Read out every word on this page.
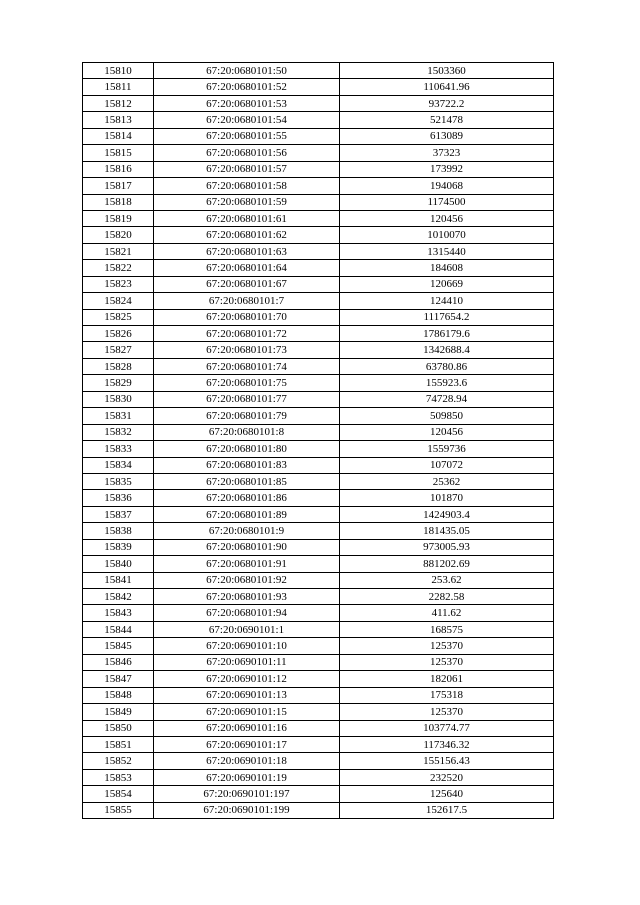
15810	67:20:0680101:50	1503360
15811	67:20:0680101:52	110641.96
15812	67:20:0680101:53	93722.2
15813	67:20:0680101:54	521478
15814	67:20:0680101:55	613089
15815	67:20:0680101:56	37323
15816	67:20:0680101:57	173992
15817	67:20:0680101:58	194068
15818	67:20:0680101:59	1174500
15819	67:20:0680101:61	120456
15820	67:20:0680101:62	1010070
15821	67:20:0680101:63	1315440
15822	67:20:0680101:64	184608
15823	67:20:0680101:67	120669
15824	67:20:0680101:7	124410
15825	67:20:0680101:70	1117654.2
15826	67:20:0680101:72	1786179.6
15827	67:20:0680101:73	1342688.4
15828	67:20:0680101:74	63780.86
15829	67:20:0680101:75	155923.6
15830	67:20:0680101:77	74728.94
15831	67:20:0680101:79	509850
15832	67:20:0680101:8	120456
15833	67:20:0680101:80	1559736
15834	67:20:0680101:83	107072
15835	67:20:0680101:85	25362
15836	67:20:0680101:86	101870
15837	67:20:0680101:89	1424903.4
15838	67:20:0680101:9	181435.05
15839	67:20:0680101:90	973005.93
15840	67:20:0680101:91	881202.69
15841	67:20:0680101:92	253.62
15842	67:20:0680101:93	2282.58
15843	67:20:0680101:94	411.62
15844	67:20:0690101:1	168575
15845	67:20:0690101:10	125370
15846	67:20:0690101:11	125370
15847	67:20:0690101:12	182061
15848	67:20:0690101:13	175318
15849	67:20:0690101:15	125370
15850	67:20:0690101:16	103774.77
15851	67:20:0690101:17	117346.32
15852	67:20:0690101:18	155156.43
15853	67:20:0690101:19	232520
15854	67:20:0690101:197	125640
15855	67:20:0690101:199	152617.5
